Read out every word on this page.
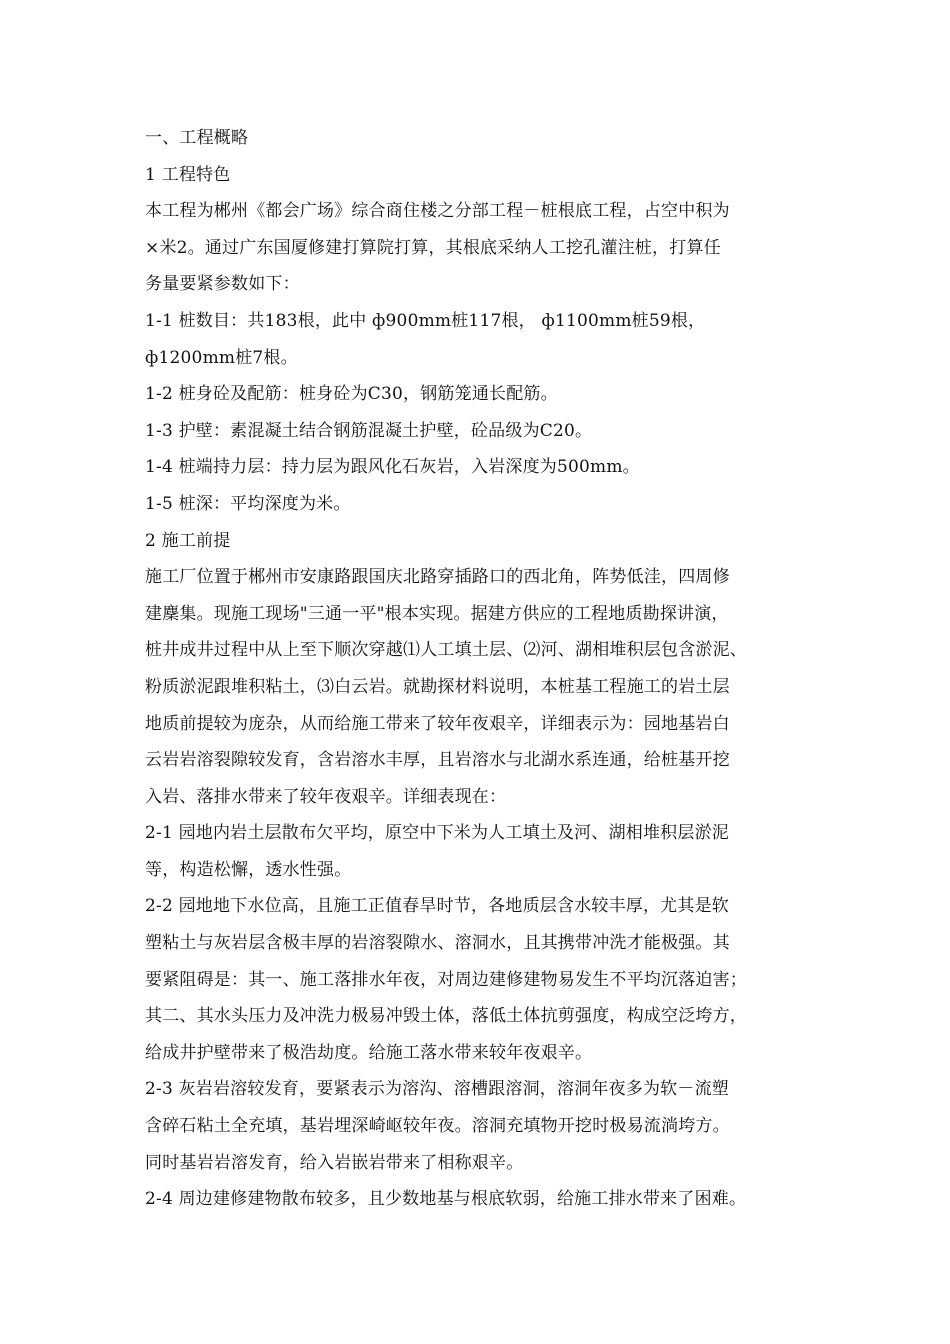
一、工程概略
1 工程特色
本工程为郴州《都会广场》综合商住楼之分部工程－桩根底工程，占空中积为
×米2。通过广东国厦修建打算院打算，其根底采纳人工挖孔灌注桩，打算任
务量要紧参数如下：
1-1 桩数目：共183根，此中 ф900mm桩117根， ф1100mm桩59根，
ф1200mm桩7根。
1-2 桩身砼及配筋：桩身砼为C30，钢筋笼通长配筋。
1-3 护壁：素混凝土结合钢筋混凝土护壁，砼品级为C20。
1-4 桩端持力层：持力层为跟风化石灰岩，入岩深度为500mm。
1-5 桩深：平均深度为米。
2 施工前提
施工厂位置于郴州市安康路跟国庆北路穿插路口的西北角，阵势低洼，四周修
建麇集。现施工现场"三通一平"根本实现。据建方供应的工程地质勘探讲演，
桩井成井过程中从上至下顺次穿越⑴人工填土层、⑵河、湖相堆积层包含淤泥、
粉质淤泥跟堆积粘土，⑶白云岩。就勘探材料说明，本桩基工程施工的岩土层
地质前提较为庞杂，从而给施工带来了较年夜艰辛，详细表示为：园地基岩白
云岩岩溶裂隙较发育，含岩溶水丰厚，且岩溶水与北湖水系连通，给桩基开挖
入岩、落排水带来了较年夜艰辛。详细表现在：
2-1 园地内岩土层散布欠平均，原空中下米为人工填土及河、湖相堆积层淤泥
等，构造松懈，透水性强。
2-2 园地地下水位高，且施工正值春旱时节，各地质层含水较丰厚，尤其是软
塑粘土与灰岩层含极丰厚的岩溶裂隙水、溶洞水，且其携带冲洗才能极强。其
要紧阻碍是：其一、施工落排水年夜，对周边建修建物易发生不平均沉落迫害；
其二、其水头压力及冲洗力极易冲毁土体，落低土体抗剪强度，构成空泛垮方，
给成井护壁带来了极浩劫度。给施工落水带来较年夜艰辛。
2-3 灰岩岩溶较发育，要紧表示为溶沟、溶槽跟溶洞，溶洞年夜多为软－流塑
含碎石粘土全充填，基岩埋深崎岖较年夜。溶洞充填物开挖时极易流淌垮方。
同时基岩岩溶发育，给入岩嵌岩带来了相称艰辛。
2-4 周边建修建物散布较多，且少数地基与根底软弱，给施工排水带来了困难。
